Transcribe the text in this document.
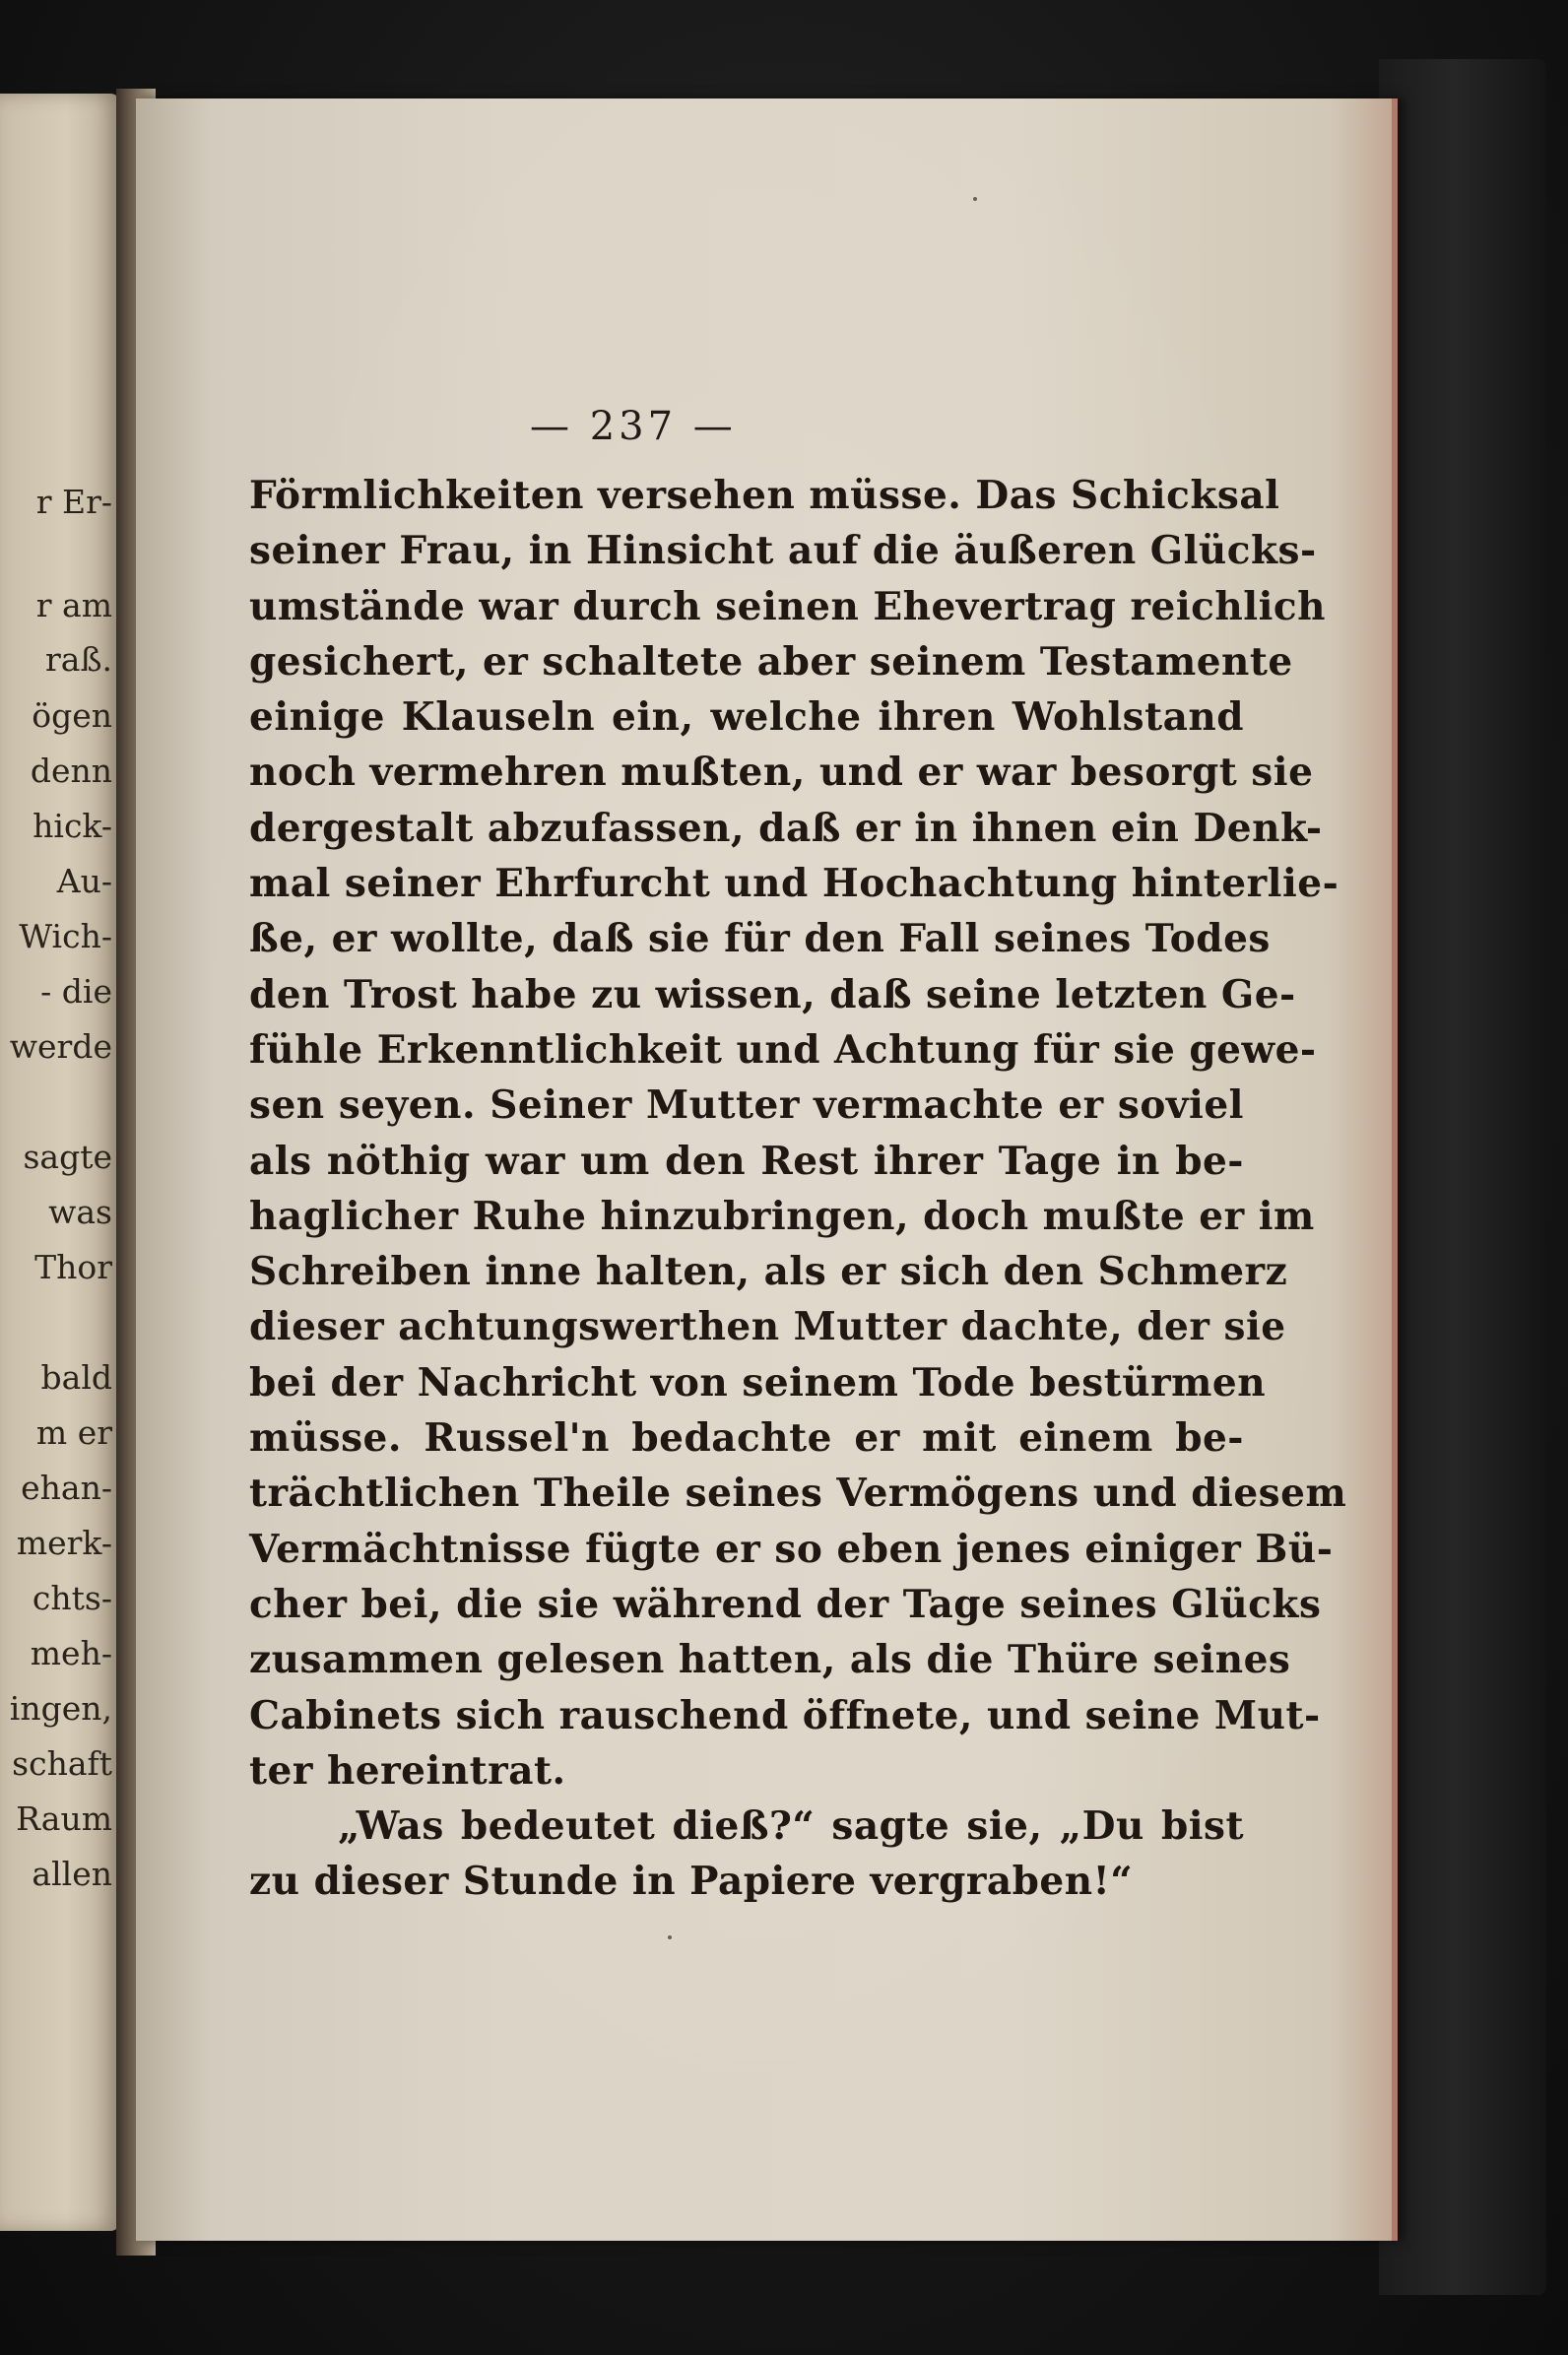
r Er-
r am
raß.
ögen
denn
hick-
Au-
Wich-
- die
werde
sagte
was
Thor
bald
m er
ehan-
merk-
chts-
meh-
ingen,
schaft
Raum
allen
— 237 —
Förmlichkeiten versehen müsse. Das Schicksal
seiner Frau, in Hinsicht auf die äußeren Glücks-
umstände war durch seinen Ehevertrag reichlich
gesichert, er schaltete aber seinem Testamente
einige Klauseln ein, welche ihren Wohlstand
noch vermehren mußten, und er war besorgt sie
dergestalt abzufassen, daß er in ihnen ein Denk-
mal seiner Ehrfurcht und Hochachtung hinterlie-
ße, er wollte, daß sie für den Fall seines Todes
den Trost habe zu wissen, daß seine letzten Ge-
fühle Erkenntlichkeit und Achtung für sie gewe-
sen seyen. Seiner Mutter vermachte er soviel
als nöthig war um den Rest ihrer Tage in be-
haglicher Ruhe hinzubringen, doch mußte er im
Schreiben inne halten, als er sich den Schmerz
dieser achtungswerthen Mutter dachte, der sie
bei der Nachricht von seinem Tode bestürmen
müsse. Russel'n bedachte er mit einem be-
trächtlichen Theile seines Vermögens und diesem
Vermächtnisse fügte er so eben jenes einiger Bü-
cher bei, die sie während der Tage seines Glücks
zusammen gelesen hatten, als die Thüre seines
Cabinets sich rauschend öffnete, und seine Mut-
ter hereintrat.
„Was bedeutet dieß?“ sagte sie, „Du bist
zu dieser Stunde in Papiere vergraben!“
